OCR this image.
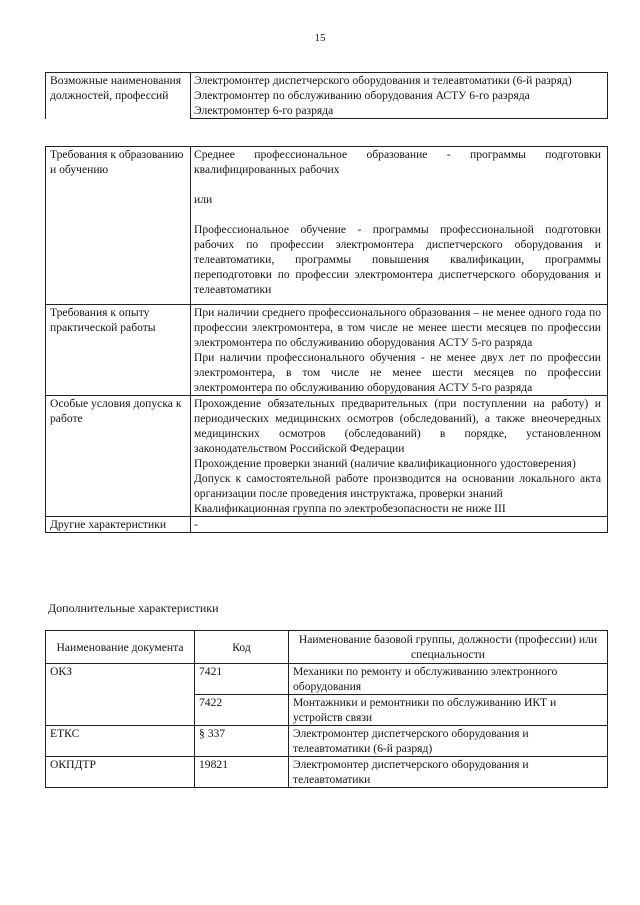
15
Возможные наименования должностей, профессий	Электромонтер диспетчерского оборудования и телеавтоматики (6-й разряд)
Электромонтер по обслуживанию оборудования АСТУ 6-го разряда
Электромонтер 6-го разряда
Требования к образованию и обучению	Среднее профессиональное образование - программы подготовки квалифицированных рабочих

или

Профессиональное обучение - программы профессиональной подготовки рабочих по профессии электромонтера диспетчерского оборудования и телеавтоматики, программы повышения квалификации, программы переподготовки по профессии электромонтера диспетчерского оборудования и телеавтоматики

Требования к опыту практической работы	При наличии среднего профессионального образования – не менее одного года по профессии электромонтера, в том числе не менее шести месяцев по профессии электромонтера по обслуживанию оборудования АСТУ 5-го разряда

При наличии профессионального обучения - не менее двух лет по профессии электромонтера, в том числе не менее шести месяцев по профессии электромонтера по обслуживанию оборудования АСТУ 5-го разряда

Особые условия допуска к работе	Прохождение обязательных предварительных (при поступлении на работу) и периодических медицинских осмотров (обследований), а также внеочередных медицинских осмотров (обследований) в порядке, установленном законодательством Российской Федерации

Прохождение проверки знаний (наличие квалификационного удостоверения)

Допуск к самостоятельной работе производится на основании локального акта организации после проведения инструктажа, проверки знаний

Квалификационная группа по электробезопасности не ниже III

Другие характеристики	-
Дополнительные характеристики
Наименование документа	Код	Наименование базовой группы, должности (профессии) или специальности
ОКЗ	7421	Механики по ремонту и обслуживанию электронного оборудования
	7422	Монтажники и ремонтники по обслуживанию ИКТ и устройств связи
ЕТКС	§ 337	Электромонтер диспетчерского оборудования и телеавтоматики (6-й разряд)
ОКПДТР	19821	Электромонтер диспетчерского оборудования и телеавтоматики
